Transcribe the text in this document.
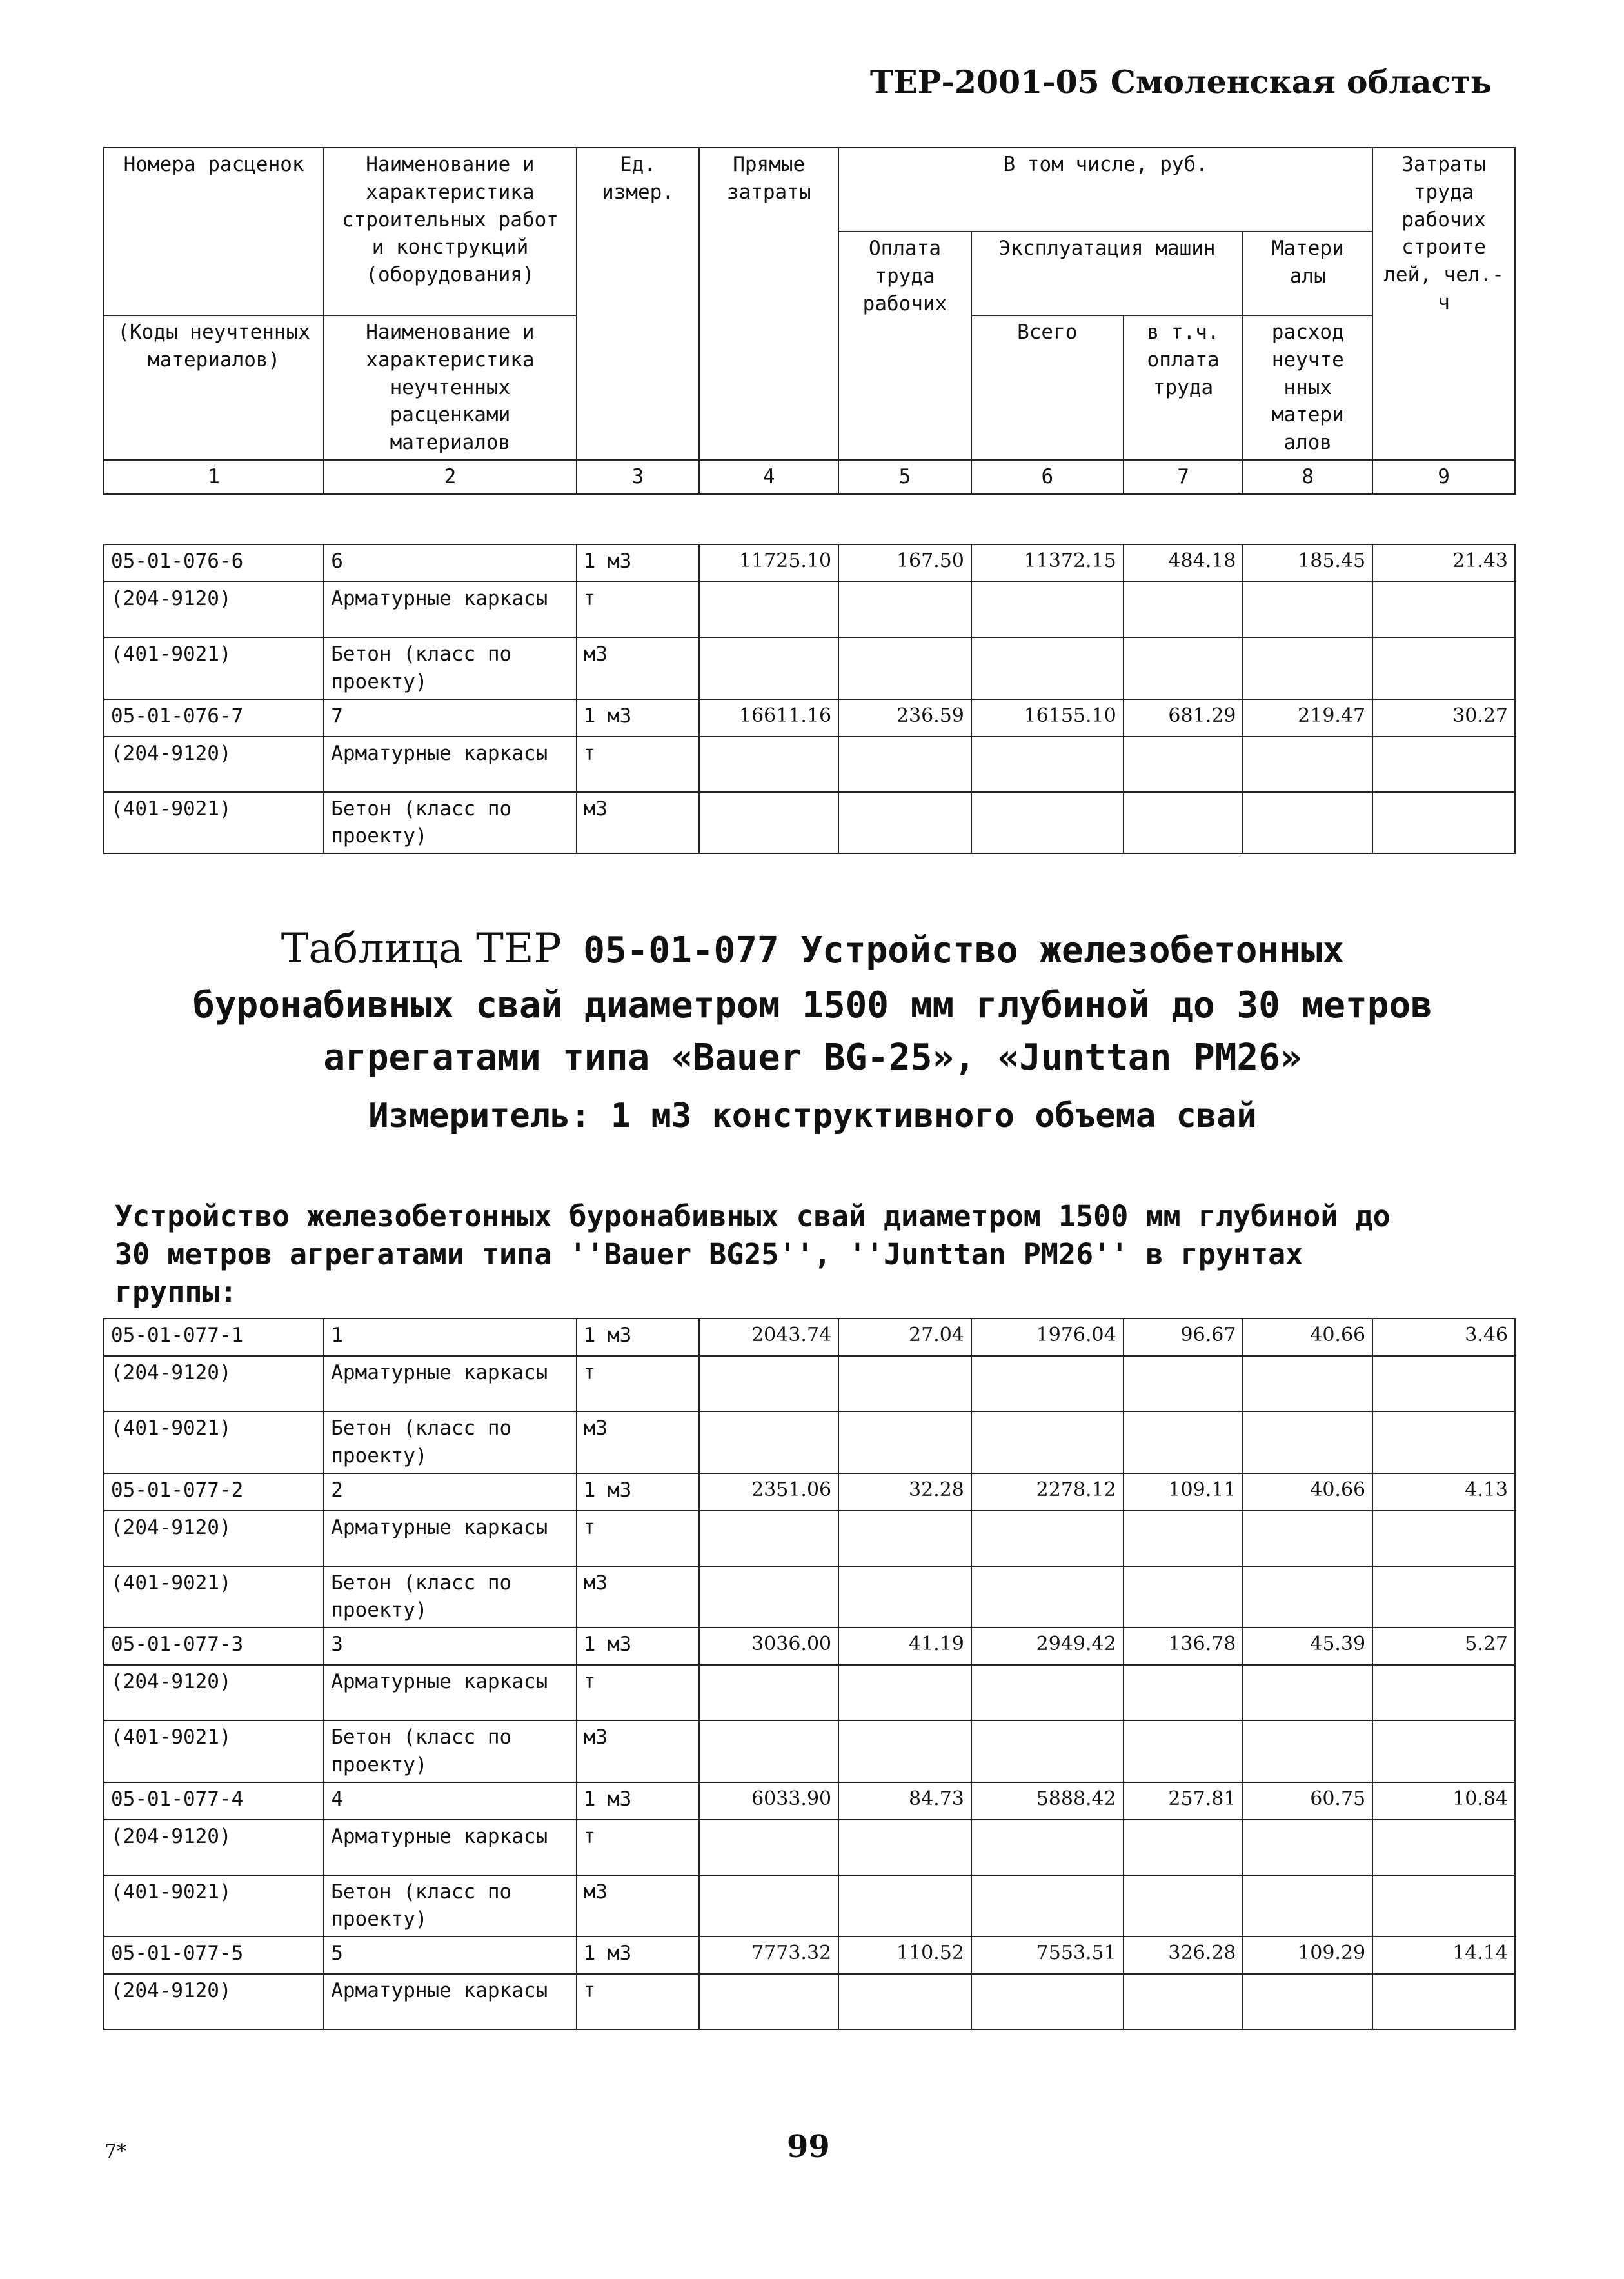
ТЕР-2001-05 Смоленская область
Номера расценок	Наименование и характеристика строительных работ и конструкций (оборудования)	Ед. измер.	Прямые затраты	В том числе, руб.				Затраты труда рабочих строите лей, чел.-ч
				Оплата труда рабочих	Эксплуатация машин		Матери алы	
(Коды неучтенных материалов)	Наименование и характеристика неучтенных расценками материалов				Всего	в т.ч. оплата труда	расход неучте нных матери алов	
1	2	3	4	5	6	7	8	9
05-01-076-6	6	1 м3	11725.10	167.50	11372.15	484.18	185.45	21.43
(204-9120)	Арматурные каркасы	т						
(401-9021)	Бетон (класс по проекту)	м3						
05-01-076-7	7	1 м3	16611.16	236.59	16155.10	681.29	219.47	30.27
(204-9120)	Арматурные каркасы	т						
(401-9021)	Бетон (класс по проекту)	м3						
Таблица ТЕР 05-01-077 Устройство железобетонных
буронабивных свай диаметром 1500 мм глубиной до 30 метров
агрегатами типа «Bauer BG-25», «Junttan PM26»
Измеритель: 1 м3 конструктивного объема свай
Устройство железобетонных буронабивных свай диаметром 1500 мм глубиной до 30 метров агрегатами типа ''Bauer BG25'', ''Junttan PM26'' в грунтах группы:
05-01-077-1	1	1 м3	2043.74	27.04	1976.04	96.67	40.66	3.46
(204-9120)	Арматурные каркасы	т						
(401-9021)	Бетон (класс по проекту)	м3						
05-01-077-2	2	1 м3	2351.06	32.28	2278.12	109.11	40.66	4.13
(204-9120)	Арматурные каркасы	т						
(401-9021)	Бетон (класс по проекту)	м3						
05-01-077-3	3	1 м3	3036.00	41.19	2949.42	136.78	45.39	5.27
(204-9120)	Арматурные каркасы	т						
(401-9021)	Бетон (класс по проекту)	м3						
05-01-077-4	4	1 м3	6033.90	84.73	5888.42	257.81	60.75	10.84
(204-9120)	Арматурные каркасы	т						
(401-9021)	Бетон (класс по проекту)	м3						
05-01-077-5	5	1 м3	7773.32	110.52	7553.51	326.28	109.29	14.14
(204-9120)	Арматурные каркасы	т						
7*	99
